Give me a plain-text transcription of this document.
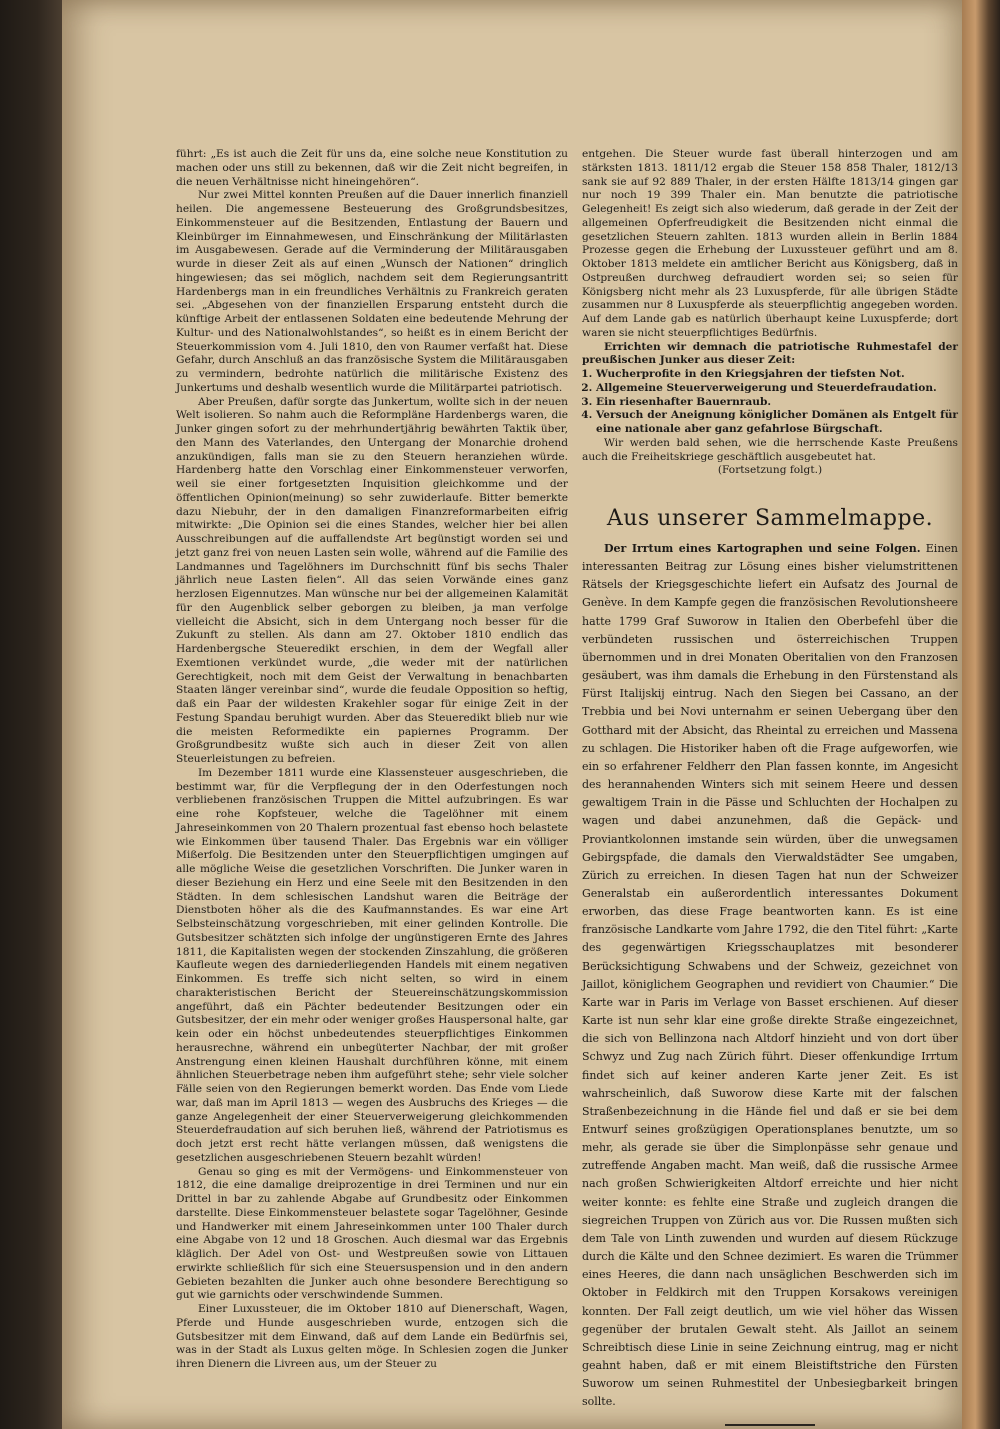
führt: „Es ist auch die Zeit für uns da, eine solche neue Konstitution zu machen oder uns still zu bekennen, daß wir die Zeit nicht begreifen, in die neuen Verhältnisse nicht hineingehören“.

Nur zwei Mittel konnten Preußen auf die Dauer innerlich finanziell heilen. Die angemessene Besteuerung des Großgrundsbesitzes, Einkommensteuer auf die Besitzenden, Entlastung der Bauern und Kleinbürger im Einnahmewesen, und Einschränkung der Militärlasten im Ausgabewesen. Gerade auf die Verminderung der Militärausgaben wurde in dieser Zeit als auf einen „Wunsch der Nationen“ dringlich hingewiesen; das sei möglich, nachdem seit dem Regierungsantritt Hardenbergs man in ein freundliches Verhältnis zu Frankreich geraten sei. „Abgesehen von der finanziellen Ersparung entsteht durch die künftige Arbeit der entlassenen Soldaten eine bedeutende Mehrung der Kultur- und des Nationalwohlstandes“, so heißt es in einem Bericht der Steuerkommission vom 4. Juli 1810, den von Raumer verfaßt hat. Diese Gefahr, durch Anschluß an das französische System die Militärausgaben zu vermindern, bedrohte natürlich die militärische Existenz des Junkertums und deshalb wesentlich wurde die Militärpartei patriotisch.

Aber Preußen, dafür sorgte das Junkertum, wollte sich in der neuen Welt isolieren. So nahm auch die Reformpläne Hardenbergs waren, die Junker gingen sofort zu der mehrhundertjährig bewährten Taktik über, den Mann des Vaterlandes, den Untergang der Monarchie drohend anzukündigen, falls man sie zu den Steuern heranziehen würde. Hardenberg hatte den Vorschlag einer Einkommensteuer verworfen, weil sie einer fortgesetzten Inquisition gleichkomme und der öffentlichen Opinion(meinung) so sehr zuwiderlaufe. Bitter bemerkte dazu Niebuhr, der in den damaligen Finanzreformarbeiten eifrig mitwirkte: „Die Opinion sei die eines Standes, welcher hier bei allen Ausschreibungen auf die auffallendste Art begünstigt worden sei und jetzt ganz frei von neuen Lasten sein wolle, während auf die Familie des Landmannes und Tagelöhners im Durchschnitt fünf bis sechs Thaler jährlich neue Lasten fielen“. All das seien Vorwände eines ganz herzlosen Eigennutzes. Man wünsche nur bei der allgemeinen Kalamität für den Augenblick selber geborgen zu bleiben, ja man verfolge vielleicht die Absicht, sich in dem Untergang noch besser für die Zukunft zu stellen. Als dann am 27. Oktober 1810 endlich das Hardenbergsche Steueredikt erschien, in dem der Wegfall aller Exemtionen verkündet wurde, „die weder mit der natürlichen Gerechtigkeit, noch mit dem Geist der Verwaltung in benachbarten Staaten länger vereinbar sind“, wurde die feudale Opposition so heftig, daß ein Paar der wildesten Krakehler sogar für einige Zeit in der Festung Spandau beruhigt wurden. Aber das Steueredikt blieb nur wie die meisten Reformedikte ein papiernes Programm. Der Großgrundbesitz wußte sich auch in dieser Zeit von allen Steuerleistungen zu befreien.

Im Dezember 1811 wurde eine Klassensteuer ausgeschrieben, die bestimmt war, für die Verpflegung der in den Oderfestungen noch verbliebenen französischen Truppen die Mittel aufzubringen. Es war eine rohe Kopfsteuer, welche die Tagelöhner mit einem Jahreseinkommen von 20 Thalern prozentual fast ebenso hoch belastete wie Einkommen über tausend Thaler. Das Ergebnis war ein völliger Mißerfolg. Die Besitzenden unter den Steuerpflichtigen umgingen auf alle mögliche Weise die gesetzlichen Vorschriften. Die Junker waren in dieser Beziehung ein Herz und eine Seele mit den Besitzenden in den Städten. In dem schlesischen Landshut waren die Beiträge der Dienstboten höher als die des Kaufmannstandes. Es war eine Art Selbsteinschätzung vorgeschrieben, mit einer gelinden Kontrolle. Die Gutsbesitzer schätzten sich infolge der ungünstigeren Ernte des Jahres 1811, die Kapitalisten wegen der stockenden Zinszahlung, die größeren Kaufleute wegen des darniederliegenden Handels mit einem negativen Einkommen. Es treffe sich nicht selten, so wird in einem charakteristischen Bericht der Steuereinschätzungskommission angeführt, daß ein Pächter bedeutender Besitzungen oder ein Gutsbesitzer, der ein mehr oder weniger großes Hauspersonal halte, gar kein oder ein höchst unbedeutendes steuerpflichtiges Einkommen herausrechne, während ein unbegüterter Nachbar, der mit großer Anstrengung einen kleinen Haushalt durchführen könne, mit einem ähnlichen Steuerbetrage neben ihm aufgeführt stehe; sehr viele solcher Fälle seien von den Regierungen bemerkt worden. Das Ende vom Liede war, daß man im April 1813 — wegen des Ausbruchs des Krieges — die ganze Angelegenheit der einer Steuerverweigerung gleichkommenden Steuerdefraudation auf sich beruhen ließ, während der Patriotismus es doch jetzt erst recht hätte verlangen müssen, daß wenigstens die gesetzlichen ausgeschriebenen Steuern bezahlt würden!

Genau so ging es mit der Vermögens- und Einkommensteuer von 1812, die eine damalige dreiprozentige in drei Terminen und nur ein Drittel in bar zu zahlende Abgabe auf Grundbesitz oder Einkommen darstellte. Diese Einkommensteuer belastete sogar Tagelöhner, Gesinde und Handwerker mit einem Jahreseinkommen unter 100 Thaler durch eine Abgabe von 12 und 18 Groschen. Auch diesmal war das Ergebnis kläglich. Der Adel von Ost- und Westpreußen sowie von Littauen erwirkte schließlich für sich eine Steuersuspension und in den andern Gebieten bezahlten die Junker auch ohne besondere Berechtigung so gut wie garnichts oder verschwindende Summen.

Einer Luxussteuer, die im Oktober 1810 auf Dienerschaft, Wagen, Pferde und Hunde ausgeschrieben wurde, entzogen sich die Gutsbesitzer mit dem Einwand, daß auf dem Lande ein Bedürfnis sei, was in der Stadt als Luxus gelten möge. In Schlesien zogen die Junker ihren Dienern die Livreen aus, um der Steuer zu

entgehen. Die Steuer wurde fast überall hinterzogen und am stärksten 1813. 1811/12 ergab die Steuer 158 858 Thaler, 1812/13 sank sie auf 92 889 Thaler, in der ersten Hälfte 1813/14 gingen gar nur noch 19 399 Thaler ein. Man benutzte die patriotische Gelegenheit! Es zeigt sich also wiederum, daß gerade in der Zeit der allgemeinen Opferfreudigkeit die Besitzenden nicht einmal die gesetzlichen Steuern zahlten. 1813 wurden allein in Berlin 1884 Prozesse gegen die Erhebung der Luxussteuer geführt und am 8. Oktober 1813 meldete ein amtlicher Bericht aus Königsberg, daß in Ostpreußen durchweg defraudiert worden sei; so seien für Königsberg nicht mehr als 23 Luxuspferde, für alle übrigen Städte zusammen nur 8 Luxuspferde als steuerpflichtig angegeben worden. Auf dem Lande gab es natürlich überhaupt keine Luxuspferde; dort waren sie nicht steuerpflichtiges Bedürfnis.

Errichten wir demnach die patriotische Ruhmestafel der preußischen Junker aus dieser Zeit:

1. Wucherprofite in den Kriegsjahren der tiefsten Not.
2. Allgemeine Steuerverweigerung und Steuerdefraudation.
3. Ein riesenhafter Bauernraub.
4. Versuch der Aneignung königlicher Domänen als Entgelt für eine nationale aber ganz gefahrlose Bürgschaft.

Wir werden bald sehen, wie die herrschende Kaste Preußens auch die Freiheitskriege geschäftlich ausgebeutet hat.

(Fortsetzung folgt.)

Aus unserer Sammelmappe.

Der Irrtum eines Kartographen und seine Folgen. Einen interessanten Beitrag zur Lösung eines bisher vielumstrittenen Rätsels der Kriegsgeschichte liefert ein Aufsatz des Journal de Genève. In dem Kampfe gegen die französischen Revolutionsheere hatte 1799 Graf Suworow in Italien den Oberbefehl über die verbündeten russischen und österreichischen Truppen übernommen und in drei Monaten Oberitalien von den Franzosen gesäubert, was ihm damals die Erhebung in den Fürstenstand als Fürst Italijskij eintrug. Nach den Siegen bei Cassano, an der Trebbia und bei Novi unternahm er seinen Uebergang über den Gotthard mit der Absicht, das Rheintal zu erreichen und Massena zu schlagen. Die Historiker haben oft die Frage aufgeworfen, wie ein so erfahrener Feldherr den Plan fassen konnte, im Angesicht des herannahenden Winters sich mit seinem Heere und dessen gewaltigem Train in die Pässe und Schluchten der Hochalpen zu wagen und dabei anzunehmen, daß die Gepäck- und Proviantkolonnen imstande sein würden, über die unwegsamen Gebirgspfade, die damals den Vierwaldstädter See umgaben, Zürich zu erreichen. In diesen Tagen hat nun der Schweizer Generalstab ein außerordentlich interessantes Dokument erworben, das diese Frage beantworten kann. Es ist eine französische Landkarte vom Jahre 1792, die den Titel führt: „Karte des gegenwärtigen Kriegsschauplatzes mit besonderer Berücksichtigung Schwabens und der Schweiz, gezeichnet von Jaillot, königlichem Geographen und revidiert von Chaumier.“ Die Karte war in Paris im Verlage von Basset erschienen. Auf dieser Karte ist nun sehr klar eine große direkte Straße eingezeichnet, die sich von Bellinzona nach Altdorf hinzieht und von dort über Schwyz und Zug nach Zürich führt. Dieser offenkundige Irrtum findet sich auf keiner anderen Karte jener Zeit. Es ist wahrscheinlich, daß Suworow diese Karte mit der falschen Straßenbezeichnung in die Hände fiel und daß er sie bei dem Entwurf seines großzügigen Operationsplanes benutzte, um so mehr, als gerade sie über die Simplonpässe sehr genaue und zutreffende Angaben macht. Man weiß, daß die russische Armee nach großen Schwierigkeiten Altdorf erreichte und hier nicht weiter konnte: es fehlte eine Straße und zugleich drangen die siegreichen Truppen von Zürich aus vor. Die Russen mußten sich dem Tale von Linth zuwenden und wurden auf diesem Rückzuge durch die Kälte und den Schnee dezimiert. Es waren die Trümmer eines Heeres, die dann nach unsäglichen Beschwerden sich im Oktober in Feldkirch mit den Truppen Korsakows vereinigen konnten. Der Fall zeigt deutlich, um wie viel höher das Wissen gegenüber der brutalen Gewalt steht. Als Jaillot an seinem Schreibtisch diese Linie in seine Zeichnung eintrug, mag er nicht geahnt haben, daß er mit einem Bleistiftstriche den Fürsten Suworow um seinen Ruhmestitel der Unbesiegbarkeit bringen sollte.
